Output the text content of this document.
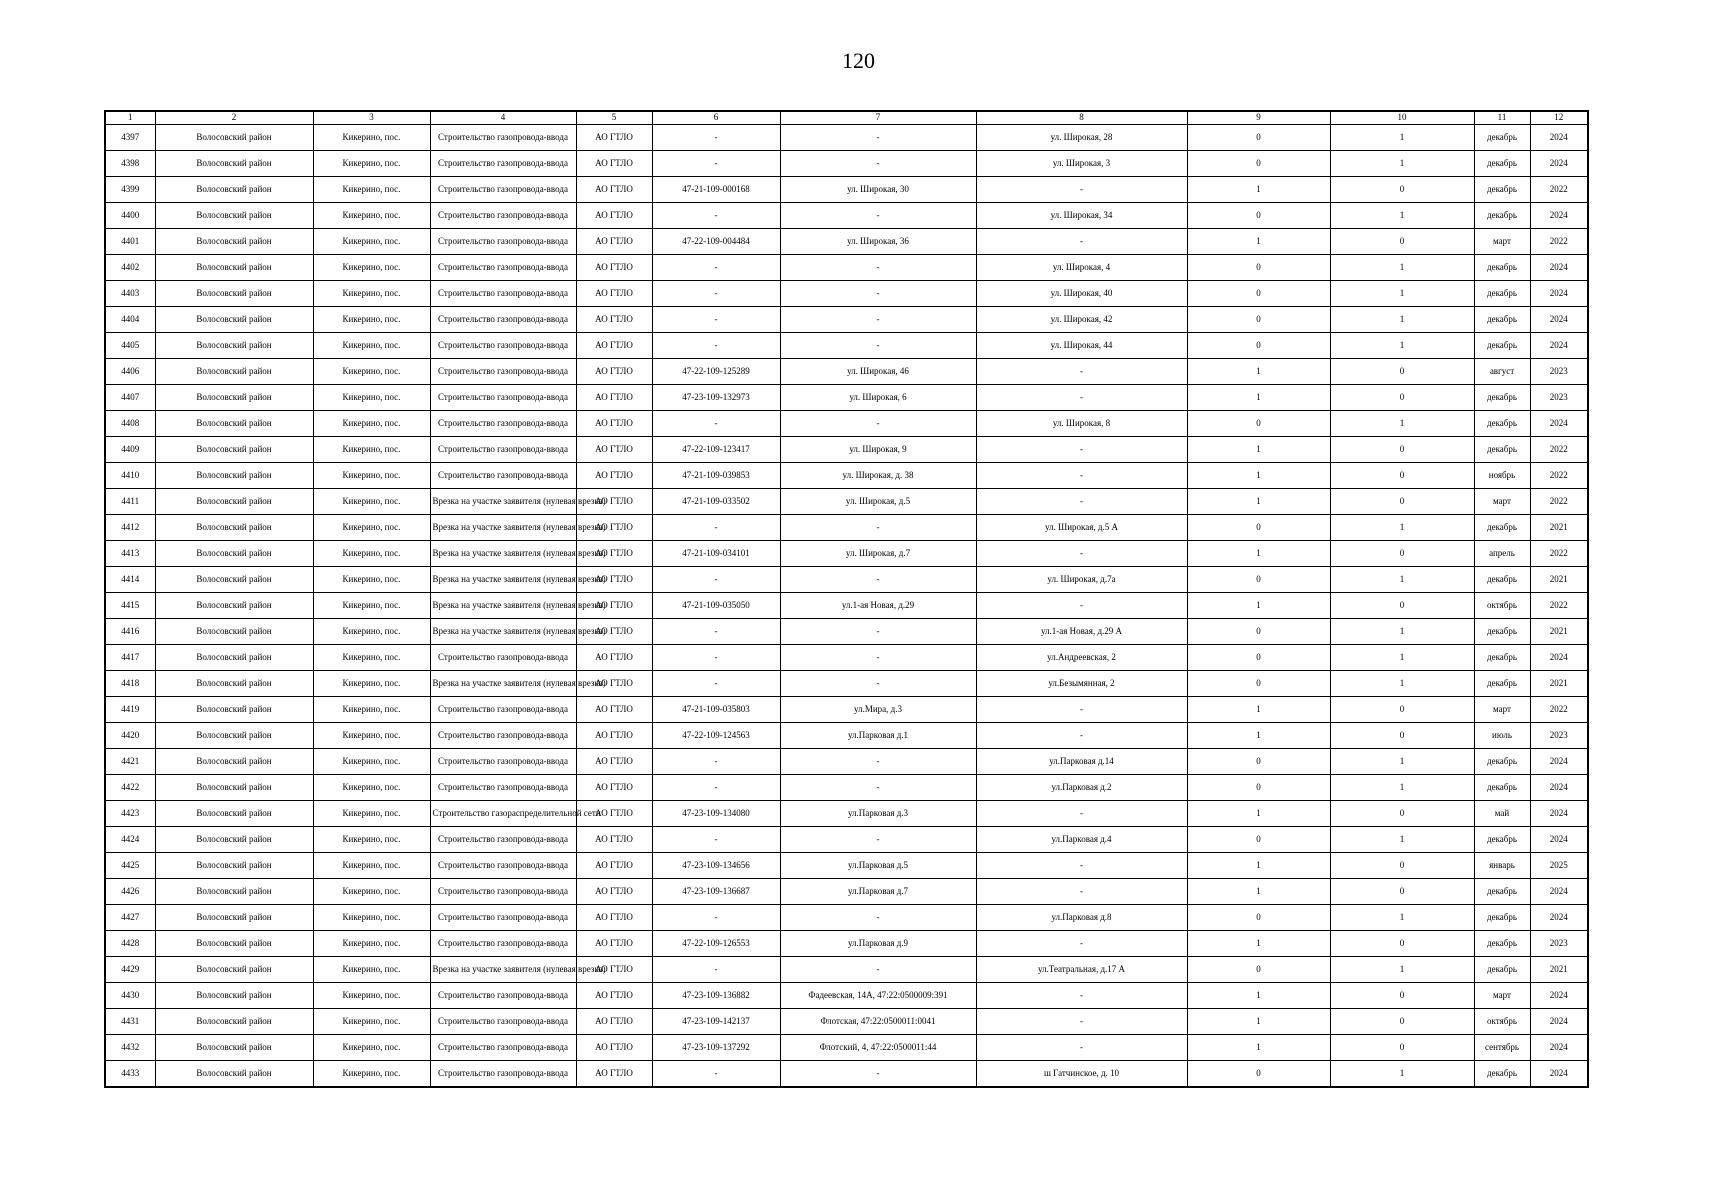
120
1	2	3	4	5	6	7	8	9	10	11	12
4397	Волосовский район	Кикерино, пос.	Строительство газопровода-ввода	АО ГТЛО	-	-	ул. Широкая, 28	0	1	декабрь	2024
4398	Волосовский район	Кикерино, пос.	Строительство газопровода-ввода	АО ГТЛО	-	-	ул. Широкая, 3	0	1	декабрь	2024
4399	Волосовский район	Кикерино, пос.	Строительство газопровода-ввода	АО ГТЛО	47-21-109-000168	ул. Широкая, 30	-	1	0	декабрь	2022
4400	Волосовский район	Кикерино, пос.	Строительство газопровода-ввода	АО ГТЛО	-	-	ул. Широкая, 34	0	1	декабрь	2024
4401	Волосовский район	Кикерино, пос.	Строительство газопровода-ввода	АО ГТЛО	47-22-109-004484	ул. Широкая, 36	-	1	0	март	2022
4402	Волосовский район	Кикерино, пос.	Строительство газопровода-ввода	АО ГТЛО	-	-	ул. Широкая, 4	0	1	декабрь	2024
4403	Волосовский район	Кикерино, пос.	Строительство газопровода-ввода	АО ГТЛО	-	-	ул. Широкая, 40	0	1	декабрь	2024
4404	Волосовский район	Кикерино, пос.	Строительство газопровода-ввода	АО ГТЛО	-	-	ул. Широкая, 42	0	1	декабрь	2024
4405	Волосовский район	Кикерино, пос.	Строительство газопровода-ввода	АО ГТЛО	-	-	ул. Широкая, 44	0	1	декабрь	2024
4406	Волосовский район	Кикерино, пос.	Строительство газопровода-ввода	АО ГТЛО	47-22-109-125289	ул. Широкая, 46	-	1	0	август	2023
4407	Волосовский район	Кикерино, пос.	Строительство газопровода-ввода	АО ГТЛО	47-23-109-132973	ул. Широкая, 6	-	1	0	декабрь	2023
4408	Волосовский район	Кикерино, пос.	Строительство газопровода-ввода	АО ГТЛО	-	-	ул. Широкая, 8	0	1	декабрь	2024
4409	Волосовский район	Кикерино, пос.	Строительство газопровода-ввода	АО ГТЛО	47-22-109-123417	ул. Широкая, 9	-	1	0	декабрь	2022
4410	Волосовский район	Кикерино, пос.	Строительство газопровода-ввода	АО ГТЛО	47-21-109-039853	ул. Широкая, д. 38	-	1	0	ноябрь	2022
4411	Волосовский район	Кикерино, пос.	Врезка на участке заявителя (нулевая врезка)	АО ГТЛО	47-21-109-033502	ул. Широкая, д.5	-	1	0	март	2022
4412	Волосовский район	Кикерино, пос.	Врезка на участке заявителя (нулевая врезка)	АО ГТЛО	-	-	ул. Широкая, д.5 А	0	1	декабрь	2021
4413	Волосовский район	Кикерино, пос.	Врезка на участке заявителя (нулевая врезка)	АО ГТЛО	47-21-109-034101	ул. Широкая, д.7	-	1	0	апрель	2022
4414	Волосовский район	Кикерино, пос.	Врезка на участке заявителя (нулевая врезка)	АО ГТЛО	-	-	ул. Широкая, д.7а	0	1	декабрь	2021
4415	Волосовский район	Кикерино, пос.	Врезка на участке заявителя (нулевая врезка)	АО ГТЛО	47-21-109-035050	ул.1-ая Новая, д.29	-	1	0	октябрь	2022
4416	Волосовский район	Кикерино, пос.	Врезка на участке заявителя (нулевая врезка)	АО ГТЛО	-	-	ул.1-ая Новая, д.29 А	0	1	декабрь	2021
4417	Волосовский район	Кикерино, пос.	Строительство газопровода-ввода	АО ГТЛО	-	-	ул.Андреевская, 2	0	1	декабрь	2024
4418	Волосовский район	Кикерино, пос.	Врезка на участке заявителя (нулевая врезка)	АО ГТЛО	-	-	ул.Безымянная, 2	0	1	декабрь	2021
4419	Волосовский район	Кикерино, пос.	Строительство газопровода-ввода	АО ГТЛО	47-21-109-035803	ул.Мира, д.3	-	1	0	март	2022
4420	Волосовский район	Кикерино, пос.	Строительство газопровода-ввода	АО ГТЛО	47-22-109-124563	ул.Парковая д.1	-	1	0	июль	2023
4421	Волосовский район	Кикерино, пос.	Строительство газопровода-ввода	АО ГТЛО	-	-	ул.Парковая д.14	0	1	декабрь	2024
4422	Волосовский район	Кикерино, пос.	Строительство газопровода-ввода	АО ГТЛО	-	-	ул.Парковая д.2	0	1	декабрь	2024
4423	Волосовский район	Кикерино, пос.	Строительство газораспределительной сети	АО ГТЛО	47-23-109-134080	ул.Парковая д.3	-	1	0	май	2024
4424	Волосовский район	Кикерино, пос.	Строительство газопровода-ввода	АО ГТЛО	-	-	ул.Парковая д.4	0	1	декабрь	2024
4425	Волосовский район	Кикерино, пос.	Строительство газопровода-ввода	АО ГТЛО	47-23-109-134656	ул.Парковая д.5	-	1	0	январь	2025
4426	Волосовский район	Кикерино, пос.	Строительство газопровода-ввода	АО ГТЛО	47-23-109-136687	ул.Парковая д.7	-	1	0	декабрь	2024
4427	Волосовский район	Кикерино, пос.	Строительство газопровода-ввода	АО ГТЛО	-	-	ул.Парковая д.8	0	1	декабрь	2024
4428	Волосовский район	Кикерино, пос.	Строительство газопровода-ввода	АО ГТЛО	47-22-109-126553	ул.Парковая д.9	-	1	0	декабрь	2023
4429	Волосовский район	Кикерино, пос.	Врезка на участке заявителя (нулевая врезка)	АО ГТЛО	-	-	ул.Театральная, д.17 А	0	1	декабрь	2021
4430	Волосовский район	Кикерино, пос.	Строительство газопровода-ввода	АО ГТЛО	47-23-109-136882	Фадеевская, 14А, 47:22:0500009:391	-	1	0	март	2024
4431	Волосовский район	Кикерино, пос.	Строительство газопровода-ввода	АО ГТЛО	47-23-109-142137	Флотская, 47:22:0500011:0041	-	1	0	октябрь	2024
4432	Волосовский район	Кикерино, пос.	Строительство газопровода-ввода	АО ГТЛО	47-23-109-137292	Флотский, 4, 47:22:0500011:44	-	1	0	сентябрь	2024
4433	Волосовский район	Кикерино, пос.	Строительство газопровода-ввода	АО ГТЛО	-	-	ш Гатчинское, д. 10	0	1	декабрь	2024
